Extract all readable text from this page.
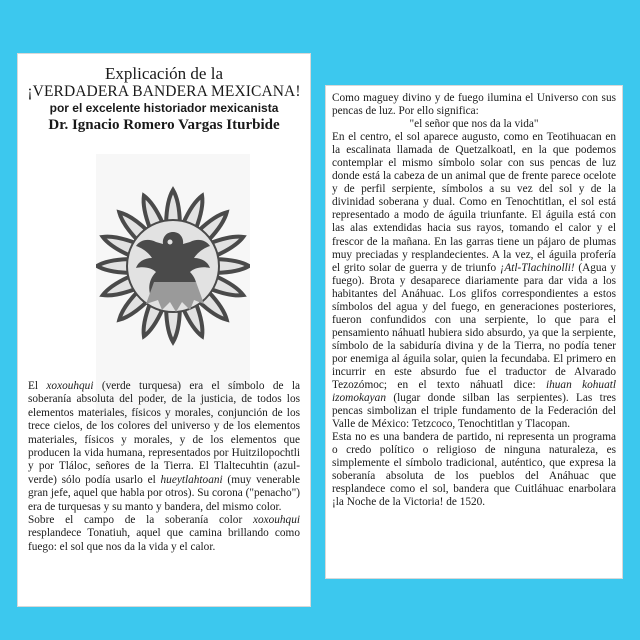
Explicación de la
¡VERDADERA BANDERA MEXICANA!
por el excelente historiador mexicanista
Dr. Ignacio Romero Vargas Iturbide

El xoxouhqui (verde turquesa) era el símbolo de la soberanía absoluta del poder, de la justicia, de todos los elementos materiales, físicos y morales, conjunción de los trece cielos, de los colores del universo y de los elementos materiales, físicos y morales, y de los elementos que producen la vida humana, representados por Huitzilopochtli y por Tláloc, señores de la Tierra. El Tlaltecuhtin (azul-verde) sólo podía usarlo el hueytlahtoani (muy venerable gran jefe, aquel que habla por otros). Su corona ("penacho") era de turquesas y su manto y bandera, del mismo color.

Sobre el campo de la soberanía color xoxouhqui resplandece Tonatiuh, aquel que camina brillando como fuego: el sol que nos da la vida y el calor.

Como maguey divino y de fuego ilumina el Universo con sus pencas de luz. Por ello significa:

"el señor que nos da la vida"

En el centro, el sol aparece augusto, como en Teotihuacan en la escalinata llamada de Quetzalkoatl, en la que podemos contemplar el mismo símbolo solar con sus pencas de luz donde está la cabeza de un animal que de frente parece ocelote y de perfil serpiente, símbolos a su vez del sol y de la divinidad soberana y dual. Como en Tenochtitlan, el sol está representado a modo de águila triunfante. El águila está con las alas extendidas hacia sus rayos, tomando el calor y el frescor de la mañana. En las garras tiene un pájaro de plumas muy preciadas y resplandecientes. A la vez, el águila profería el grito solar de guerra y de triunfo ¡Atl-Tlachinolli! (Agua y fuego). Brota y desaparece diariamente para dar vida a los habitantes del Anáhuac. Los glifos correspondientes a estos símbolos del agua y del fuego, en generaciones posteriores, fueron confundidos con una serpiente, lo que para el pensamiento náhuatl hubiera sido absurdo, ya que la serpiente, símbolo de la sabiduría divina y de la Tierra, no podía tener por enemiga al águila solar, quien la fecundaba. El primero en incurrir en este absurdo fue el traductor de Alvarado Tezozómoc; en el texto náhuatl dice: ihuan kohuatl izomokayan (lugar donde silban las serpientes). Las tres pencas simbolizan el triple fundamento de la Federación del Valle de México: Tetzcoco, Tenochtitlan y Tlacopan.

Esta no es una bandera de partido, ni representa un programa o credo político o religioso de ninguna naturaleza, es simplemente el símbolo tradicional, auténtico, que expresa la soberanía absoluta de los pueblos del Anáhuac que resplandece como el sol, bandera que Cuitláhuac enarbolara ¡la Noche de la Victoria! de 1520.
